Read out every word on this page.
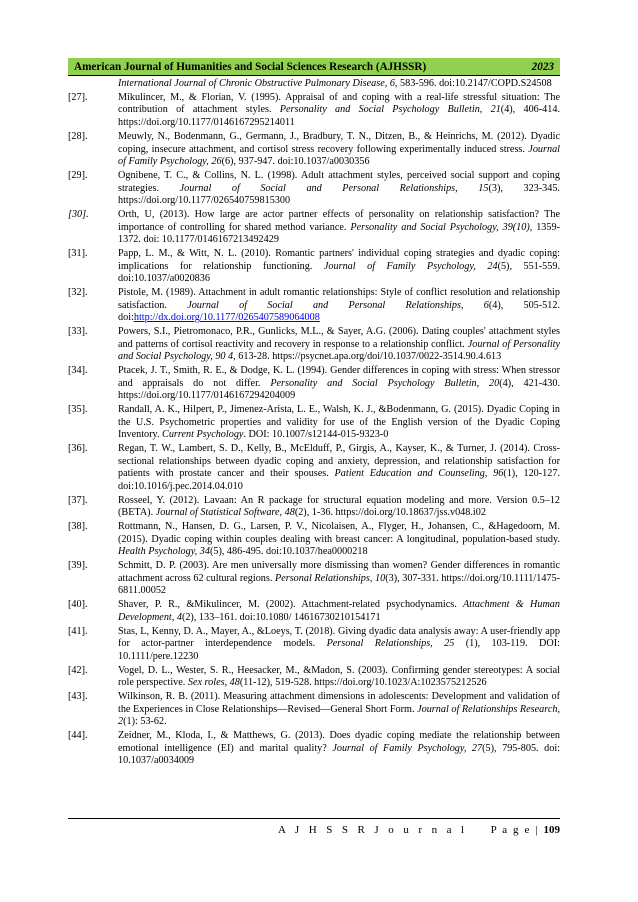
American Journal of Humanities and Social Sciences Research (AJHSSR)	2023
International Journal of Chronic Obstructive Pulmonary Disease, 6, 583-596. doi:10.2147/COPD.S24508
[27].	Mikulincer, M., & Florian, V. (1995). Appraisal of and coping with a real-life stressful situation: The contribution of attachment styles. Personality and Social Psychology Bulletin, 21(4), 406-414. https://doi.org/10.1177/0146167295214011
[28].	Meuwly, N., Bodenmann, G., Germann, J., Bradbury, T. N., Ditzen, B., & Heinrichs, M. (2012). Dyadic coping, insecure attachment, and cortisol stress recovery following experimentally induced stress. Journal of Family Psychology, 26(6), 937-947. doi:10.1037/a0030356
[29].	Ognibene, T. C., & Collins, N. L. (1998). Adult attachment styles, perceived social support and coping strategies. Journal of Social and Personal Relationships, 15(3), 323-345. https://doi.org/10.1177/026540759815300
[30].	Orth, U, (2013). How large are actor partner effects of personality on relationship satisfaction? The importance of controlling for shared method variance. Personality and Social Psychology, 39(10), 1359-1372. doi: 10.1177/0146167213492429
[31].	Papp, L. M., & Witt, N. L. (2010). Romantic partners' individual coping strategies and dyadic coping: implications for relationship functioning. Journal of Family Psychology, 24(5), 551-559. doi:10.1037/a0020836
[32].	Pistole, M. (1989). Attachment in adult romantic relationships: Style of conflict resolution and relationship satisfaction. Journal of Social and Personal Relationships, 6(4), 505-512. doi:http://dx.doi.org/10.1177/0265407589064008
[33].	Powers, S.I., Pietromonaco, P.R., Gunlicks, M.L., & Sayer, A.G. (2006). Dating couples' attachment styles and patterns of cortisol reactivity and recovery in response to a relationship conflict. Journal of Personality and Social Psychology, 90 4, 613-28. https://psycnet.apa.org/doi/10.1037/0022-3514.90.4.613
[34].	Ptacek, J. T., Smith, R. E., & Dodge, K. L. (1994). Gender differences in coping with stress: When stressor and appraisals do not differ. Personality and Social Psychology Bulletin, 20(4), 421-430. https://doi.org/10.1177/0146167294204009
[35].	Randall, A. K., Hilpert, P., Jimenez-Arista, L. E., Walsh, K. J., &Bodenmann, G. (2015). Dyadic Coping in the U.S. Psychometric properties and validity for use of the English version of the Dyadic Coping Inventory. Current Psychology. DOI: 10.1007/s12144-015-9323-0
[36].	Regan, T. W., Lambert, S. D., Kelly, B., McElduff, P., Girgis, A., Kayser, K., & Turner, J. (2014). Cross-sectional relationships between dyadic coping and anxiety, depression, and relationship satisfaction for patients with prostate cancer and their spouses. Patient Education and Counseling, 96(1), 120-127. doi:10.1016/j.pec.2014.04.010
[37].	Rosseel, Y. (2012). Lavaan: An R package for structural equation modeling and more. Version 0.5–12 (BETA). Journal of Statistical Software, 48(2), 1-36. https://doi.org/10.18637/jss.v048.i02
[38].	Rottmann, N., Hansen, D. G., Larsen, P. V., Nicolaisen, A., Flyger, H., Johansen, C., &Hagedoorn, M. (2015). Dyadic coping within couples dealing with breast cancer: A longitudinal, population-based study. Health Psychology, 34(5), 486-495. doi:10.1037/hea0000218
[39].	Schmitt, D. P. (2003). Are men universally more dismissing than women? Gender differences in romantic attachment across 62 cultural regions. Personal Relationships, 10(3), 307-331. https://doi.org/10.1111/1475-6811.00052
[40].	Shaver, P. R., &Mikulincer, M. (2002). Attachment-related psychodynamics. Attachment & Human Development, 4(2), 133–161. doi:10.1080/ 14616730210154171
[41].	Stas, L, Kenny, D. A., Mayer, A., &Loeys, T. (2018). Giving dyadic data analysis away: A user-friendly app for actor-partner interdependence models. Personal Relationships, 25 (1), 103-119. DOI: 10.1111/pere.12230
[42].	Vogel, D. L., Wester, S. R., Heesacker, M., &Madon, S. (2003). Confirming gender stereotypes: A social role perspective. Sex roles, 48(11-12), 519-528. https://doi.org/10.1023/A:1023575212526
[43].	Wilkinson, R. B. (2011). Measuring attachment dimensions in adolescents: Development and validation of the Experiences in Close Relationships—Revised—General Short Form. Journal of Relationships Research, 2(1): 53-62.
[44].	Zeidner, M., Kloda, I., & Matthews, G. (2013). Does dyadic coping mediate the relationship between emotional intelligence (EI) and marital quality? Journal of Family Psychology, 27(5), 795-805. doi: 10.1037/a0034009
A J H S S R J o u r n a l P a g e | 109
